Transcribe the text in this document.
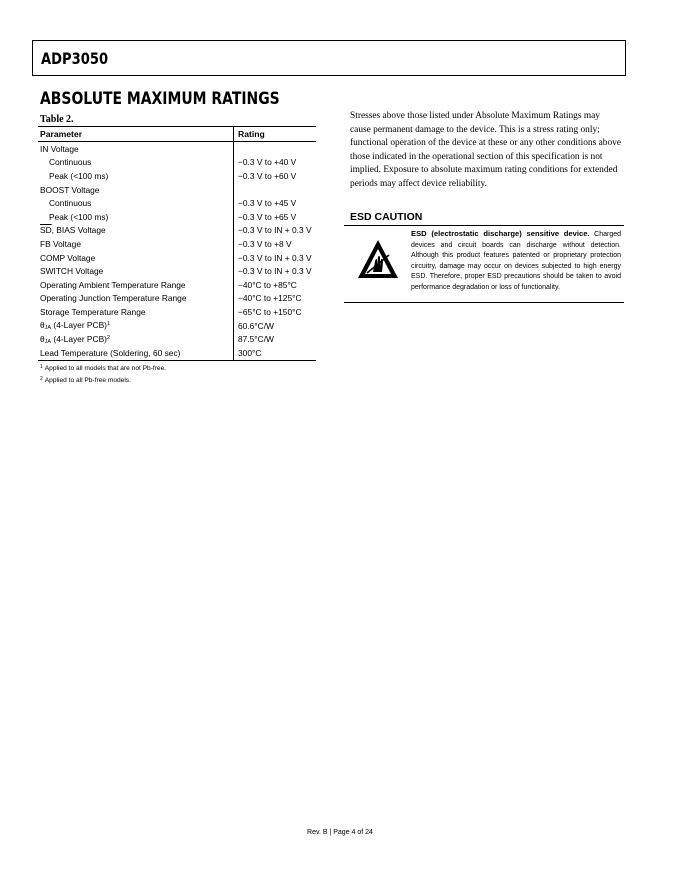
ADP3050
ABSOLUTE MAXIMUM RATINGS
Table 2.
Parameter	Rating
IN Voltage	
Continuous	−0.3 V to +40 V
Peak (<100 ms)	−0.3 V to +60 V
BOOST Voltage	
Continuous	−0.3 V to +45 V
Peak (<100 ms)	−0.3 V to +65 V
$\overline{SD}$, BIAS Voltage	−0.3 V to IN + 0.3 V
FB Voltage	−0.3 V to +8 V
COMP Voltage	−0.3 V to IN + 0.3 V
SWITCH Voltage	−0.3 V to IN + 0.3 V
Operating Ambient Temperature Range	−40°C to +85°C
Operating Junction Temperature Range	−40°C to +125°C
Storage Temperature Range	−65°C to +150°C
θJA (4-Layer PCB)$^1$	60.6°C/W
θJA (4-Layer PCB)$^2$	87.5°C/W
Lead Temperature (Soldering, 60 sec)	300°C
$^1$ Applied to all models that are not Pb-free.
$^2$ Applied to all Pb-free models.
Stresses above those listed under Absolute Maximum Ratings may cause permanent damage to the device. This is a stress rating only; functional operation of the device at these or any other conditions above those indicated in the operational section of this specification is not implied. Exposure to absolute maximum rating conditions for extended periods may affect device reliability.
ESD CAUTION
ESD (electrostatic discharge) sensitive device. Charged devices and circuit boards can discharge without detection. Although this product features patented or proprietary protection circuitry, damage may occur on devices subjected to high energy ESD. Therefore, proper ESD precautions should be taken to avoid performance degradation or loss of functionality.
Rev. B | Page 4 of 24
